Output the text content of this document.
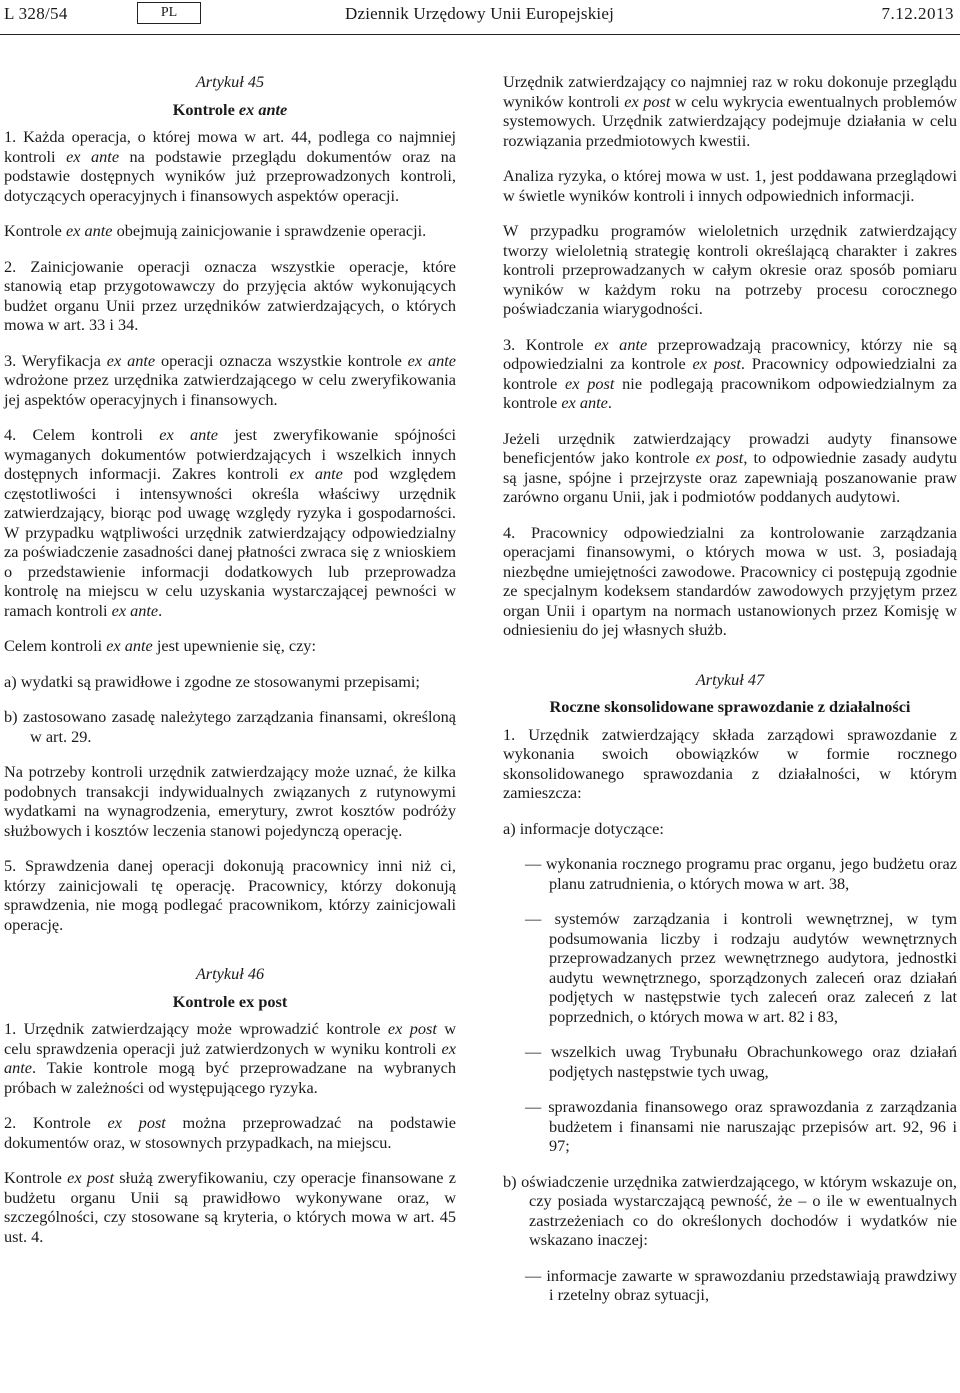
L 328/54	PL	Dziennik Urzędowy Unii Europejskiej	7.12.2013

Artykuł 45

Kontrole ex ante

1. Każda operacja, o której mowa w art. 44, podlega co najmniej kontroli ex ante na podstawie przeglądu dokumentów oraz na podstawie dostępnych wyników już przeprowadzonych kontroli, dotyczących operacyjnych i finansowych aspektów operacji.

Kontrole ex ante obejmują zainicjowanie i sprawdzenie operacji.

2. Zainicjowanie operacji oznacza wszystkie operacje, które stanowią etap przygotowawczy do przyjęcia aktów wykonujących budżet organu Unii przez urzędników zatwierdzających, o których mowa w art. 33 i 34.

3. Weryfikacja ex ante operacji oznacza wszystkie kontrole ex ante wdrożone przez urzędnika zatwierdzającego w celu zweryfikowania jej aspektów operacyjnych i finansowych.

4. Celem kontroli ex ante jest zweryfikowanie spójności wymaganych dokumentów potwierdzających i wszelkich innych dostępnych informacji. Zakres kontroli ex ante pod względem częstotliwości i intensywności określa właściwy urzędnik zatwierdzający, biorąc pod uwagę względy ryzyka i gospodarności. W przypadku wątpliwości urzędnik zatwierdzający odpowiedzialny za poświadczenie zasadności danej płatności zwraca się z wnioskiem o przedstawienie informacji dodatkowych lub przeprowadza kontrolę na miejscu w celu uzyskania wystarczającej pewności w ramach kontroli ex ante.

Celem kontroli ex ante jest upewnienie się, czy:

a) wydatki są prawidłowe i zgodne ze stosowanymi przepisami;

b) zastosowano zasadę należytego zarządzania finansami, określoną w art. 29.

Na potrzeby kontroli urzędnik zatwierdzający może uznać, że kilka podobnych transakcji indywidualnych związanych z rutynowymi wydatkami na wynagrodzenia, emerytury, zwrot kosztów podróży służbowych i kosztów leczenia stanowi pojedynczą operację.

5. Sprawdzenia danej operacji dokonują pracownicy inni niż ci, którzy zainicjowali tę operację. Pracownicy, którzy dokonują sprawdzenia, nie mogą podlegać pracownikom, którzy zainicjowali operację.

Artykuł 46

Kontrole ex post

1. Urzędnik zatwierdzający może wprowadzić kontrole ex post w celu sprawdzenia operacji już zatwierdzonych w wyniku kontroli ex ante. Takie kontrole mogą być przeprowadzane na wybranych próbach w zależności od występującego ryzyka.

2. Kontrole ex post można przeprowadzać na podstawie dokumentów oraz, w stosownych przypadkach, na miejscu.

Kontrole ex post służą zweryfikowaniu, czy operacje finansowane z budżetu organu Unii są prawidłowo wykonywane oraz, w szczególności, czy stosowane są kryteria, o których mowa w art. 45 ust. 4.

Urzędnik zatwierdzający co najmniej raz w roku dokonuje przeglądu wyników kontroli ex post w celu wykrycia ewentualnych problemów systemowych. Urzędnik zatwierdzający podejmuje działania w celu rozwiązania przedmiotowych kwestii.

Analiza ryzyka, o której mowa w ust. 1, jest poddawana przeglądowi w świetle wyników kontroli i innych odpowiednich informacji.

W przypadku programów wieloletnich urzędnik zatwierdzający tworzy wieloletnią strategię kontroli określającą charakter i zakres kontroli przeprowadzanych w całym okresie oraz sposób pomiaru wyników w każdym roku na potrzeby procesu corocznego poświadczania wiarygodności.

3. Kontrole ex ante przeprowadzają pracownicy, którzy nie są odpowiedzialni za kontrole ex post. Pracownicy odpowiedzialni za kontrole ex post nie podlegają pracownikom odpowiedzialnym za kontrole ex ante.

Jeżeli urzędnik zatwierdzający prowadzi audyty finansowe beneficjentów jako kontrole ex post, to odpowiednie zasady audytu są jasne, spójne i przejrzyste oraz zapewniają poszanowanie praw zarówno organu Unii, jak i podmiotów poddanych audytowi.

4. Pracownicy odpowiedzialni za kontrolowanie zarządzania operacjami finansowymi, o których mowa w ust. 3, posiadają niezbędne umiejętności zawodowe. Pracownicy ci postępują zgodnie ze specjalnym kodeksem standardów zawodowych przyjętym przez organ Unii i opartym na normach ustanowionych przez Komisję w odniesieniu do jej własnych służb.

Artykuł 47

Roczne skonsolidowane sprawozdanie z działalności

1. Urzędnik zatwierdzający składa zarządowi sprawozdanie z wykonania swoich obowiązków w formie rocznego skonsolidowanego sprawozdania z działalności, w którym zamieszcza:

a) informacje dotyczące:

— wykonania rocznego programu prac organu, jego budżetu oraz planu zatrudnienia, o których mowa w art. 38,

— systemów zarządzania i kontroli wewnętrznej, w tym podsumowania liczby i rodzaju audytów wewnętrznych przeprowadzanych przez wewnętrznego audytora, jednostki audytu wewnętrznego, sporządzonych zaleceń oraz działań podjętych w następstwie tych zaleceń oraz zaleceń z lat poprzednich, o których mowa w art. 82 i 83,

— wszelkich uwag Trybunału Obrachunkowego oraz działań podjętych następstwie tych uwag,

— sprawozdania finansowego oraz sprawozdania z zarządzania budżetem i finansami nie naruszając przepisów art. 92, 96 i 97;

b) oświadczenie urzędnika zatwierdzającego, w którym wskazuje on, czy posiada wystarczającą pewność, że – o ile w ewentualnych zastrzeżeniach co do określonych dochodów i wydatków nie wskazano inaczej:

— informacje zawarte w sprawozdaniu przedstawiają prawdziwy i rzetelny obraz sytuacji,
